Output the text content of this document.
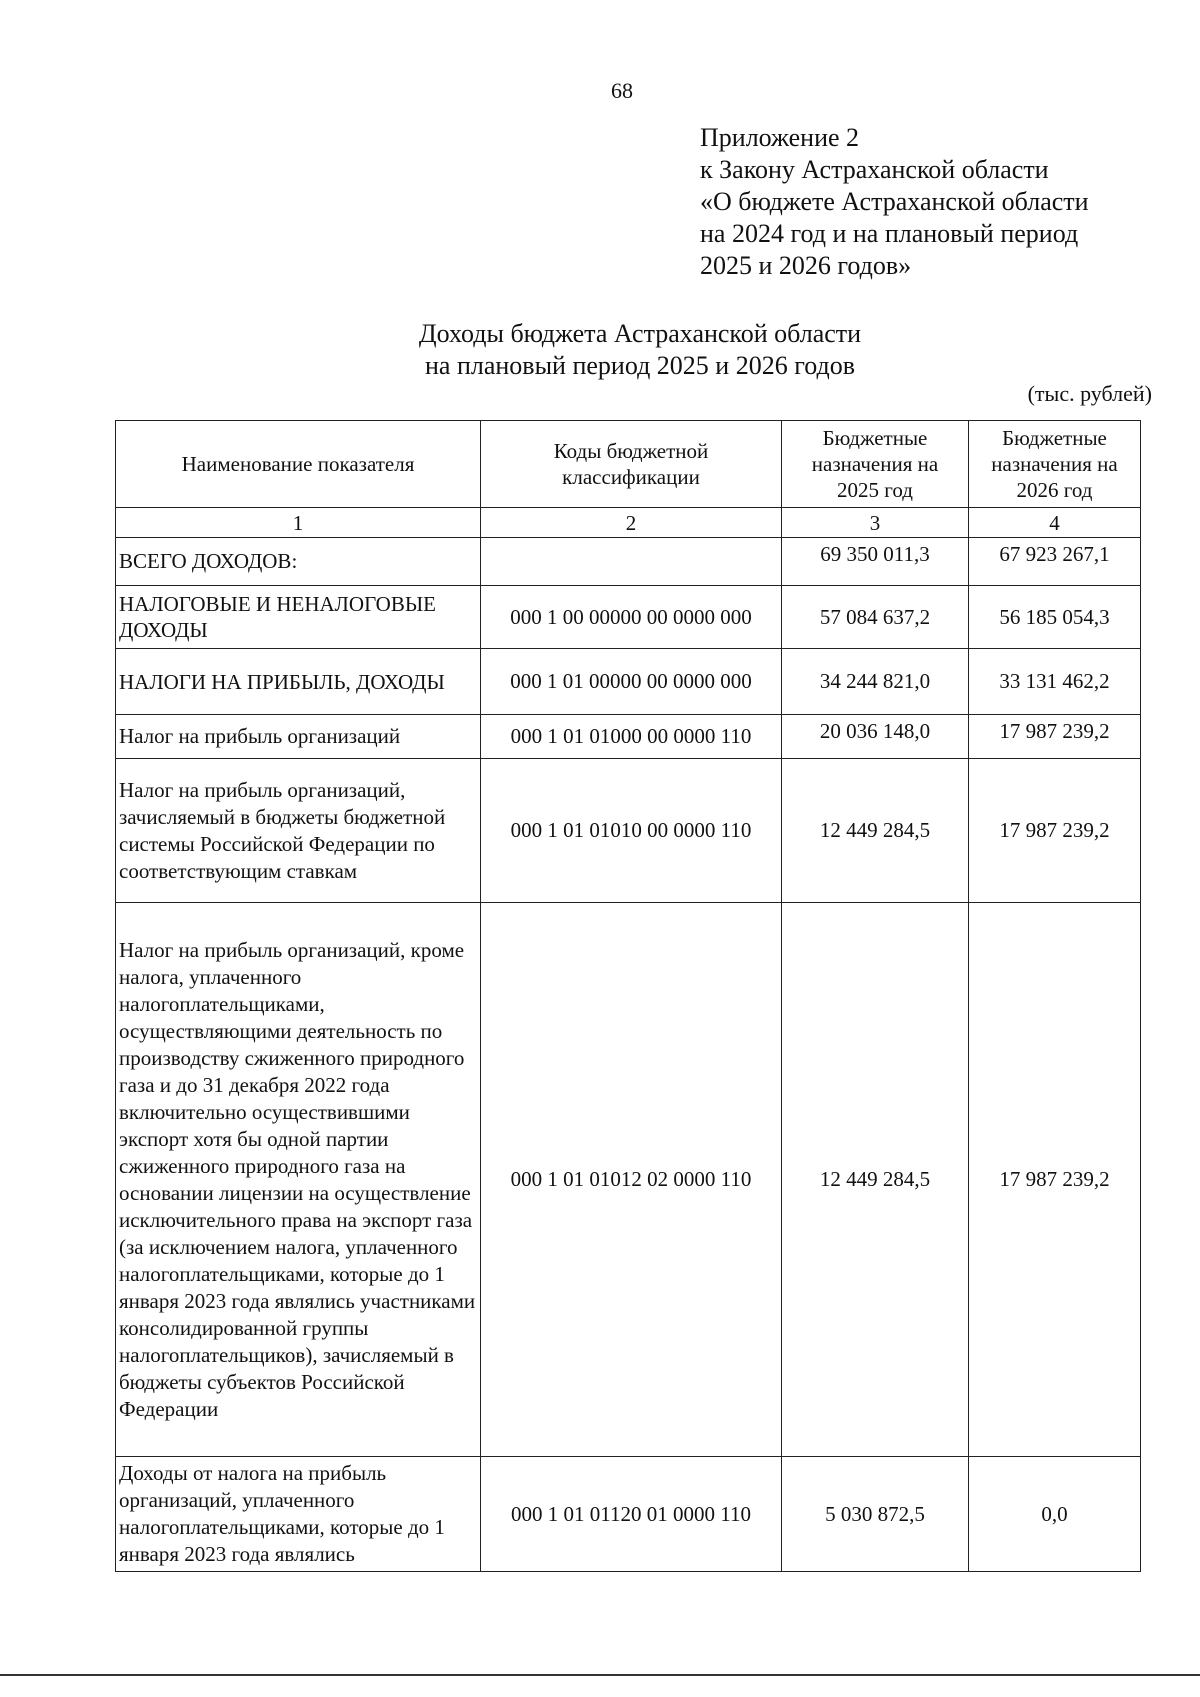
68
Приложение 2
к Закону Астраханской области
«О бюджете Астраханской области
на 2024 год и на плановый период
2025 и 2026 годов»
Доходы бюджета Астраханской области
на плановый период 2025 и 2026 годов
(тыс. рублей)
Наименование показателя	Коды бюджетной классификации	Бюджетные назначения на 2025 год	Бюджетные назначения на 2026 год
1	2	3	4
ВСЕГО ДОХОДОВ:		69 350 011,3	67 923 267,1
НАЛОГОВЫЕ И НЕНАЛОГОВЫЕ ДОХОДЫ	000 1 00 00000 00 0000 000	57 084 637,2	56 185 054,3
НАЛОГИ НА ПРИБЫЛЬ, ДОХОДЫ	000 1 01 00000 00 0000 000	34 244 821,0	33 131 462,2
Налог на прибыль организаций	000 1 01 01000 00 0000 110	20 036 148,0	17 987 239,2
Налог на прибыль организаций, зачисляемый в бюджеты бюджетной системы Российской Федерации по соответствующим ставкам	000 1 01 01010 00 0000 110	12 449 284,5	17 987 239,2
Налог на прибыль организаций, кроме налога, уплаченного налогоплательщиками, осуществляющими деятельность по производству сжиженного природного газа и до 31 декабря 2022 года включительно осуществившими экспорт хотя бы одной партии сжиженного природного газа на основании лицензии на осуществление исключительного права на экспорт газа (за исключением налога, уплаченного налогоплательщиками, которые до 1 января 2023 года являлись участниками консолидированной группы налогоплательщиков), зачисляемый в бюджеты субъектов Российской Федерации	000 1 01 01012 02 0000 110	12 449 284,5	17 987 239,2
Доходы от налога на прибыль организаций, уплаченного налогоплательщиками, которые до 1 января 2023 года являлись	000 1 01 01120 01 0000 110	5 030 872,5	0,0
